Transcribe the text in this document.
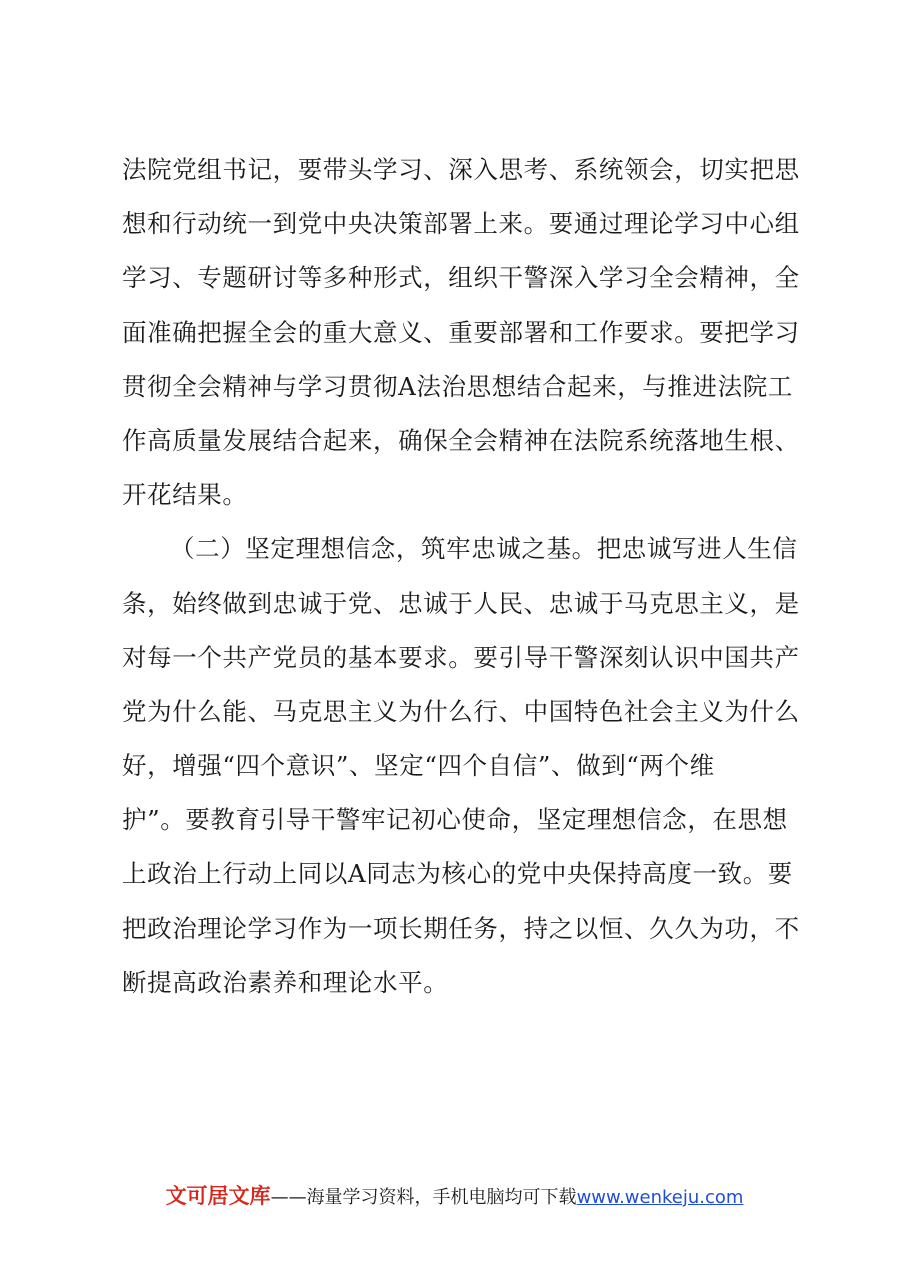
法院党组书记，要带头学习、深入思考、系统领会，切实把思
想和行动统一到党中央决策部署上来。要通过理论学习中心组
学习、专题研讨等多种形式，组织干警深入学习全会精神，全
面准确把握全会的重大意义、重要部署和工作要求。要把学习
贯彻全会精神与学习贯彻A法治思想结合起来，与推进法院工
作高质量发展结合起来，确保全会精神在法院系统落地生根、
开花结果。
（二）坚定理想信念，筑牢忠诚之基。把忠诚写进人生信
条，始终做到忠诚于党、忠诚于人民、忠诚于马克思主义，是
对每一个共产党员的基本要求。要引导干警深刻认识中国共产
党为什么能、马克思主义为什么行、中国特色社会主义为什么
好，增强“四个意识”、坚定“四个自信”、做到“两个维
护”。要教育引导干警牢记初心使命，坚定理想信念，在思想
上政治上行动上同以A同志为核心的党中央保持高度一致。要
把政治理论学习作为一项长期任务，持之以恒、久久为功，不
断提高政治素养和理论水平。
文可居文库——海量学习资料，手机电脑均可下载www.wenkeju.com
